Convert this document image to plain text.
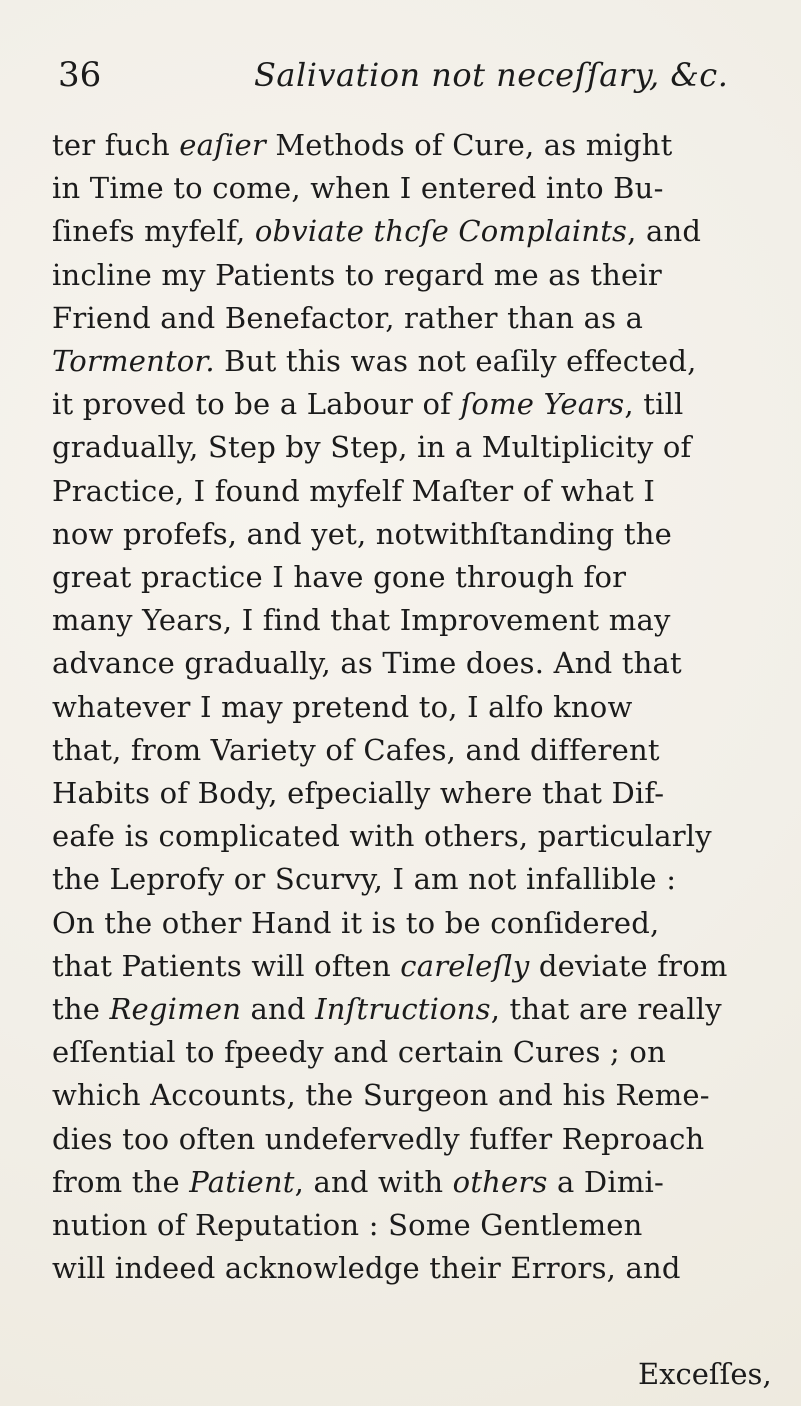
36	Salivation not neceſſary, &c.
ter fuch eaſier Methods of Cure, as might
in Time to come, when I entered into Bu-
ſinefs myfelf, obviate thcſe Complaints, and
incline my Patients to regard me as their
Friend and Benefactor, rather than as a
Tormentor. But this was not eaſily effected,
it proved to be a Labour of ſome Years, till
gradually, Step by Step, in a Multiplicity of
Practice, I found myfelf Maſter of what I
now profefs, and yet, notwithſtanding the
great practice I have gone through for
many Years, I find that Improvement may
advance gradually, as Time does. And that
whatever I may pretend to, I alfo know
that, from Variety of Cafes, and different
Habits of Body, efpecially where that Dif-
eafe is complicated with others, particularly
the Leprofy or Scurvy, I am not infallible :
On the other Hand it is to be conſidered,
that Patients will often careleſly deviate from
the Regimen and Inſtructions, that are really
eſſential to fpeedy and certain Cures ; on
which Accounts, the Surgeon and his Reme-
dies too often undefervedly fuffer Reproach
from the Patient, and with others a Dimi-
nution of Reputation : Some Gentlemen
will indeed acknowledge their Errors, and
Exceſſes,
